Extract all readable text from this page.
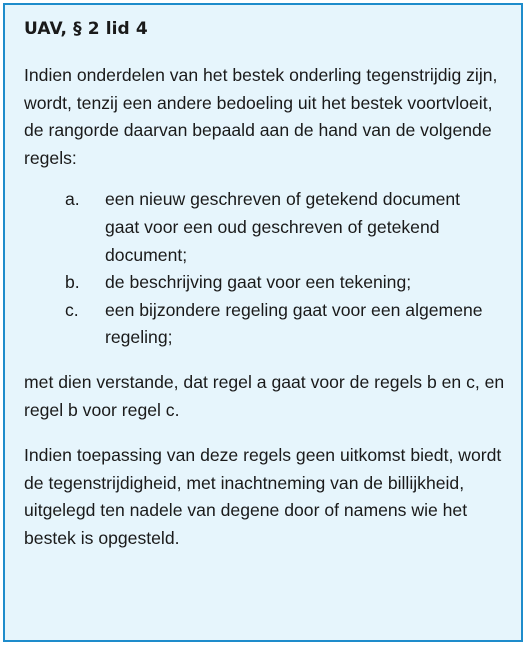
UAV, § 2 lid 4

Indien onderdelen van het bestek onderling tegenstrijdig zijn, wordt, tenzij een andere bedoeling uit het bestek voortvloeit, de rangorde daarvan bepaald aan de hand van de volgende regels:

a.	een nieuw geschreven of getekend document gaat voor een oud geschreven of getekend document;
b.	de beschrijving gaat voor een tekening;
c.	een bijzondere regeling gaat voor een algemene regeling;

met dien verstande, dat regel a gaat voor de regels b en c, en regel b voor regel c.

Indien toepassing van deze regels geen uitkomst biedt, wordt de tegenstrijdigheid, met inachtneming van de billijkheid, uitgelegd ten nadele van degene door of namens wie het bestek is opgesteld.
